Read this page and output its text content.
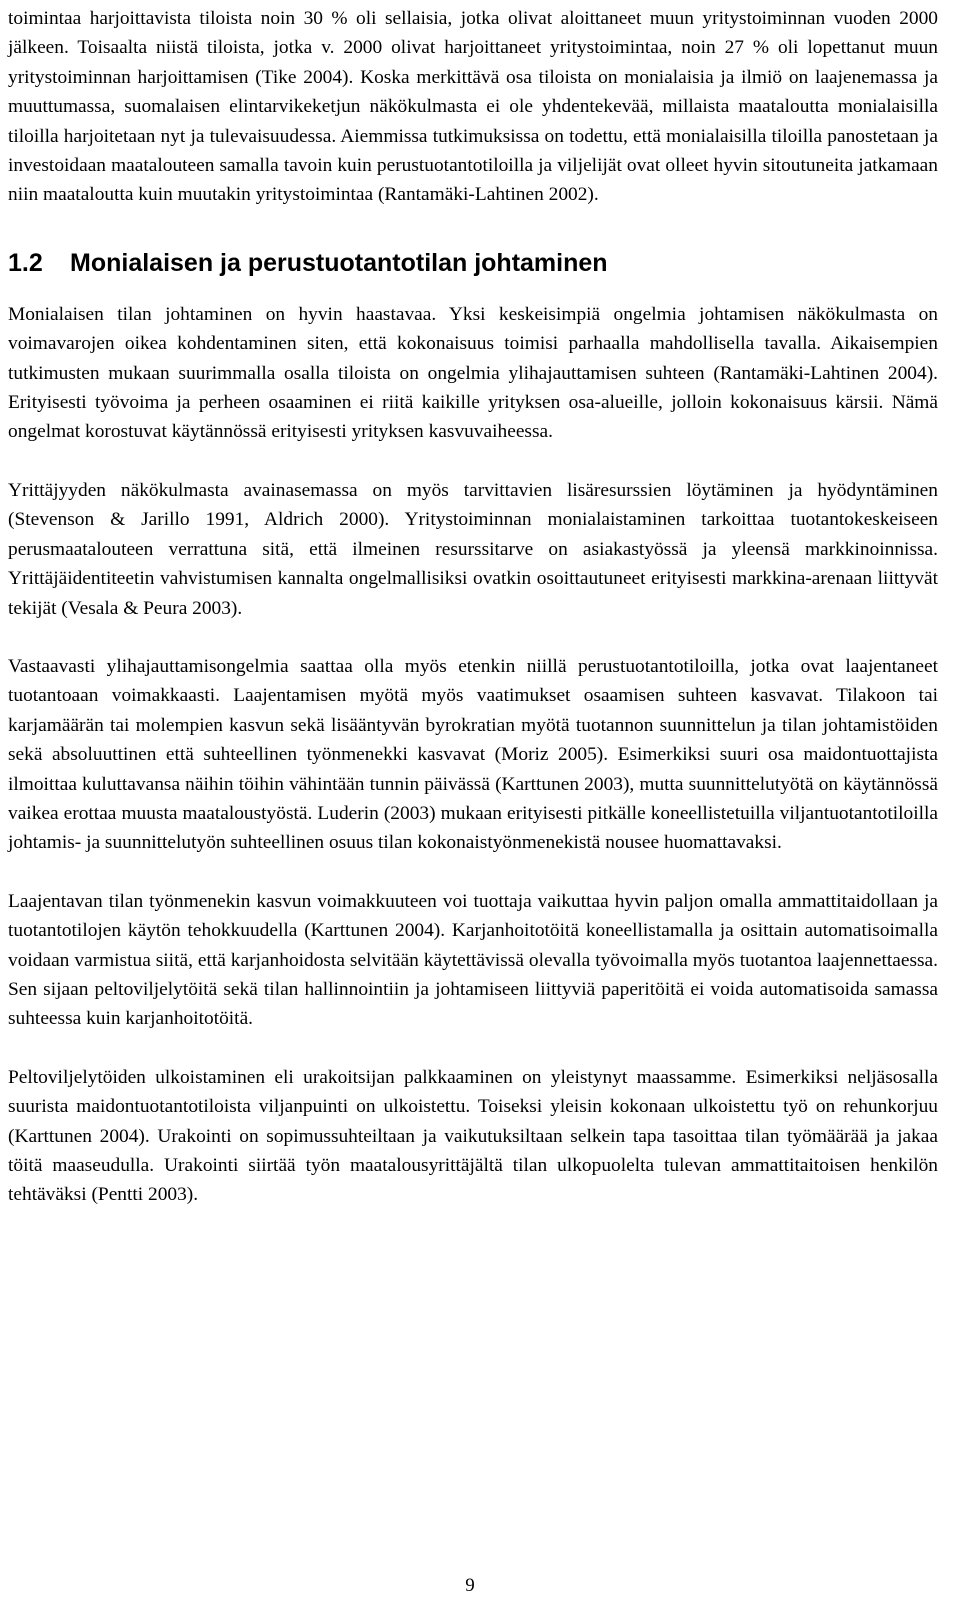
toimintaa harjoittavista tiloista noin 30 % oli sellaisia, jotka olivat aloittaneet muun yritystoiminnan vuoden 2000 jälkeen. Toisaalta niistä tiloista, jotka v. 2000 olivat harjoittaneet yritystoimintaa, noin 27 % oli lopettanut muun yritystoiminnan harjoittamisen (Tike 2004). Koska merkittävä osa tiloista on monialaisia ja ilmiö on laajenemassa ja muuttumassa, suomalaisen elintarvikeketjun näkökulmasta ei ole yhdentekevää, millaista maataloutta monialaisilla tiloilla harjoitetaan nyt ja tulevaisuudessa. Aiemmissa tutkimuksissa on todettu, että monialaisilla tiloilla panostetaan ja investoidaan maatalouteen samalla tavoin kuin perustuotantotiloilla ja viljelijät ovat olleet hyvin sitoutuneita jatkamaan niin maataloutta kuin muutakin yritystoimintaa (Rantamäki-Lahtinen 2002).

1.2 Monialaisen ja perustuotantotilan johtaminen

Monialaisen tilan johtaminen on hyvin haastavaa. Yksi keskeisimpiä ongelmia johtamisen näkökulmasta on voimavarojen oikea kohdentaminen siten, että kokonaisuus toimisi parhaalla mahdollisella tavalla. Aikaisempien tutkimusten mukaan suurimmalla osalla tiloista on ongelmia ylihajauttamisen suhteen (Rantamäki-Lahtinen 2004). Erityisesti työvoima ja perheen osaaminen ei riitä kaikille yrityksen osa-alueille, jolloin kokonaisuus kärsii. Nämä ongelmat korostuvat käytännössä erityisesti yrityksen kasvuvaiheessa.

Yrittäjyyden näkökulmasta avainasemassa on myös tarvittavien lisäresurssien löytäminen ja hyödyntäminen (Stevenson & Jarillo 1991, Aldrich 2000). Yritystoiminnan monialaistaminen tarkoittaa tuotantokeskeiseen perusmaatalouteen verrattuna sitä, että ilmeinen resurssitarve on asiakastyössä ja yleensä markkinoinnissa. Yrittäjäidentiteetin vahvistumisen kannalta ongelmallisiksi ovatkin osoittautuneet erityisesti markkina-arenaan liittyvät tekijät (Vesala & Peura 2003).

Vastaavasti ylihajauttamisongelmia saattaa olla myös etenkin niillä perustuotantotiloilla, jotka ovat laajentaneet tuotantoaan voimakkaasti. Laajentamisen myötä myös vaatimukset osaamisen suhteen kasvavat. Tilakoon tai karjamäärän tai molempien kasvun sekä lisääntyvän byrokratian myötä tuotannon suunnittelun ja tilan johtamistöiden sekä absoluuttinen että suhteellinen työnmenekki kasvavat (Moriz 2005). Esimerkiksi suuri osa maidontuottajista ilmoittaa kuluttavansa näihin töihin vähintään tunnin päivässä (Karttunen 2003), mutta suunnittelutyötä on käytännössä vaikea erottaa muusta maataloustyöstä. Luderin (2003) mukaan erityisesti pitkälle koneellistetuilla viljantuotantotiloilla johtamis- ja suunnittelutyön suhteellinen osuus tilan kokonaistyönmenekistä nousee huomattavaksi.

Laajentavan tilan työnmenekin kasvun voimakkuuteen voi tuottaja vaikuttaa hyvin paljon omalla ammattitaidollaan ja tuotantotilojen käytön tehokkuudella (Karttunen 2004). Karjanhoitotöitä koneellistamalla ja osittain automatisoimalla voidaan varmistua siitä, että karjanhoidosta selvitään käytettävissä olevalla työvoimalla myös tuotantoa laajennettaessa. Sen sijaan peltoviljelytöitä sekä tilan hallinnointiin ja johtamiseen liittyviä paperitöitä ei voida automatisoida samassa suhteessa kuin karjanhoitotöitä.

Peltoviljelytöiden ulkoistaminen eli urakoitsijan palkkaaminen on yleistynyt maassamme. Esimerkiksi neljäsosalla suurista maidontuotantotiloista viljanpuinti on ulkoistettu. Toiseksi yleisin kokonaan ulkoistettu työ on rehunkorjuu (Karttunen 2004). Urakointi on sopimussuhteiltaan ja vaikutuksiltaan selkein tapa tasoittaa tilan työmäärää ja jakaa töitä maaseudulla. Urakointi siirtää työn maatalousyrittäjältä tilan ulkopuolelta tulevan ammattitaitoisen henkilön tehtäväksi (Pentti 2003).

9
